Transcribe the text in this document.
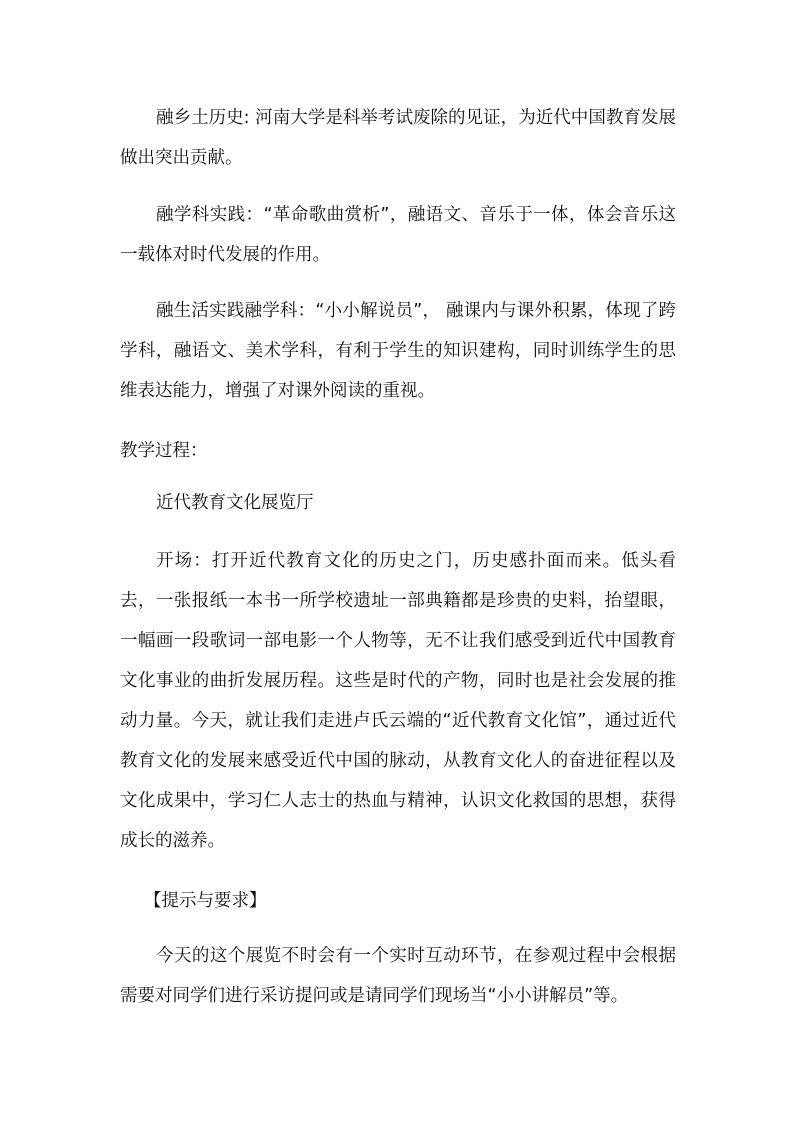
融乡土历史: 河南大学是科举考试废除的见证，为近代中国教育发展做出突出贡献。

融学科实践：“革命歌曲赏析”，融语文、音乐于一体，体会音乐这一载体对时代发展的作用。

融生活实践融学科：“小小解说员”， 融课内与课外积累，体现了跨学科，融语文、美术学科，有利于学生的知识建构，同时训练学生的思维表达能力，增强了对课外阅读的重视。

教学过程：

近代教育文化展览厅

开场：打开近代教育文化的历史之门，历史感扑面而来。低头看去，一张报纸一本书一所学校遗址一部典籍都是珍贵的史料，抬望眼，一幅画一段歌词一部电影一个人物等，无不让我们感受到近代中国教育文化事业的曲折发展历程。这些是时代的产物，同时也是社会发展的推动力量。今天，就让我们走进卢氏云端的“近代教育文化馆”，通过近代教育文化的发展来感受近代中国的脉动，从教育文化人的奋进征程以及文化成果中，学习仁人志士的热血与精神，认识文化救国的思想，获得成长的滋养。

【提示与要求】

今天的这个展览不时会有一个实时互动环节，在参观过程中会根据需要对同学们进行采访提问或是请同学们现场当“小小讲解员”等。
